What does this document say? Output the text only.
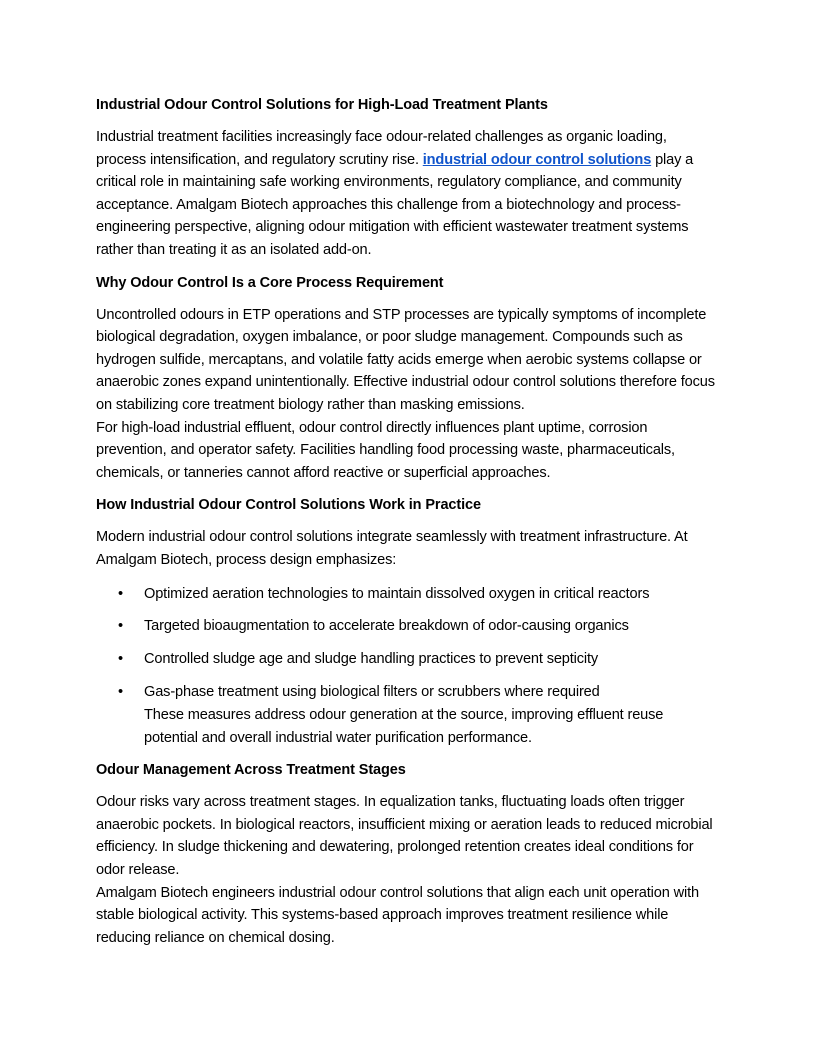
Industrial Odour Control Solutions for High-Load Treatment Plants

Industrial treatment facilities increasingly face odour-related challenges as organic loading, process intensification, and regulatory scrutiny rise. industrial odour control solutions play a critical role in maintaining safe working environments, regulatory compliance, and community acceptance. Amalgam Biotech approaches this challenge from a biotechnology and process-engineering perspective, aligning odour mitigation with efficient wastewater treatment systems rather than treating it as an isolated add-on.

Why Odour Control Is a Core Process Requirement

Uncontrolled odours in ETP operations and STP processes are typically symptoms of incomplete biological degradation, oxygen imbalance, or poor sludge management. Compounds such as hydrogen sulfide, mercaptans, and volatile fatty acids emerge when aerobic systems collapse or anaerobic zones expand unintentionally. Effective industrial odour control solutions therefore focus on stabilizing core treatment biology rather than masking emissions.

For high-load industrial effluent, odour control directly influences plant uptime, corrosion prevention, and operator safety. Facilities handling food processing waste, pharmaceuticals, chemicals, or tanneries cannot afford reactive or superficial approaches.

How Industrial Odour Control Solutions Work in Practice

Modern industrial odour control solutions integrate seamlessly with treatment infrastructure. At Amalgam Biotech, process design emphasizes:

• Optimized aeration technologies to maintain dissolved oxygen in critical reactors
• Targeted bioaugmentation to accelerate breakdown of odor-causing organics
• Controlled sludge age and sludge handling practices to prevent septicity
• Gas-phase treatment using biological filters or scrubbers where required
These measures address odour generation at the source, improving effluent reuse potential and overall industrial water purification performance.
Odour Management Across Treatment Stages

Odour risks vary across treatment stages. In equalization tanks, fluctuating loads often trigger anaerobic pockets. In biological reactors, insufficient mixing or aeration leads to reduced microbial efficiency. In sludge thickening and dewatering, prolonged retention creates ideal conditions for odor release.

Amalgam Biotech engineers industrial odour control solutions that align each unit operation with stable biological activity. This systems-based approach improves treatment resilience while reducing reliance on chemical dosing.
